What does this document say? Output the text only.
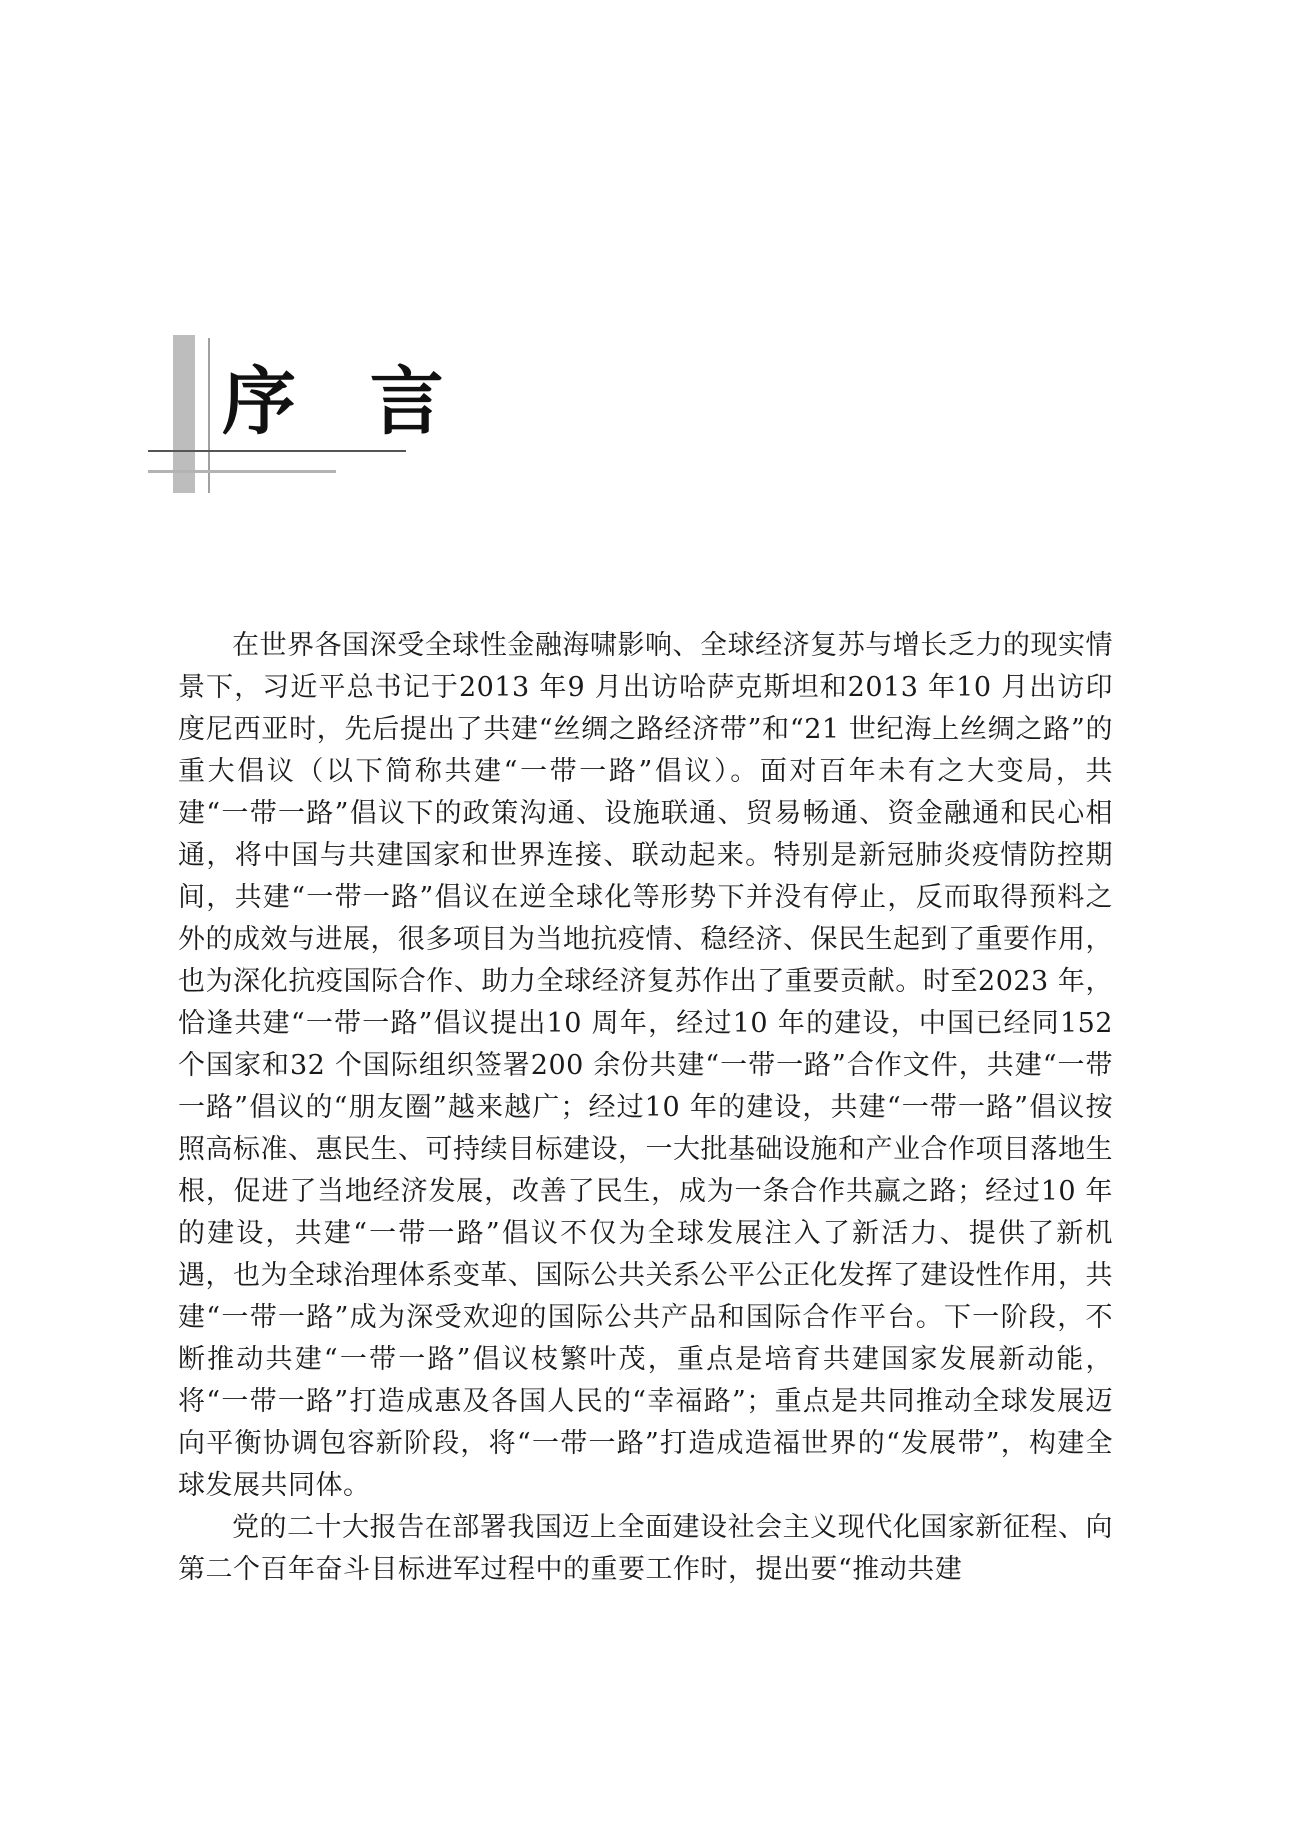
序 言

在世界各国深受全球性金融海啸影响、全球经济复苏与增长乏力的现实情景下，习近平总书记于2013 年9 月出访哈萨克斯坦和2013 年10 月出访印度尼西亚时，先后提出了共建“丝绸之路经济带”和“21 世纪海上丝绸之路”的重大倡议（以下简称共建“一带一路”倡议）。面对百年未有之大变局，共建“一带一路”倡议下的政策沟通、设施联通、贸易畅通、资金融通和民心相通，将中国与共建国家和世界连接、联动起来。特别是新冠肺炎疫情防控期间，共建“一带一路”倡议在逆全球化等形势下并没有停止，反而取得预料之外的成效与进展，很多项目为当地抗疫情、稳经济、保民生起到了重要作用，也为深化抗疫国际合作、助力全球经济复苏作出了重要贡献。时至2023 年，恰逢共建“一带一路”倡议提出10 周年，经过10 年的建设，中国已经同152 个国家和32 个国际组织签署200 余份共建“一带一路”合作文件，共建“一带一路”倡议的“朋友圈”越来越广；经过10 年的建设，共建“一带一路”倡议按照高标准、惠民生、可持续目标建设，一大批基础设施和产业合作项目落地生根，促进了当地经济发展，改善了民生，成为一条合作共赢之路；经过10 年的建设，共建“一带一路”倡议不仅为全球发展注入了新活力、提供了新机遇，也为全球治理体系变革、国际公共关系公平公正化发挥了建设性作用，共建“一带一路”成为深受欢迎的国际公共产品和国际合作平台。下一阶段，不断推动共建“一带一路”倡议枝繁叶茂，重点是培育共建国家发展新动能，将“一带一路”打造成惠及各国人民的“幸福路”；重点是共同推动全球发展迈向平衡协调包容新阶段，将“一带一路”打造成造福世界的“发展带”，构建全球发展共同体。

党的二十大报告在部署我国迈上全面建设社会主义现代化国家新征程、向第二个百年奋斗目标进军过程中的重要工作时，提出要“推动共建
